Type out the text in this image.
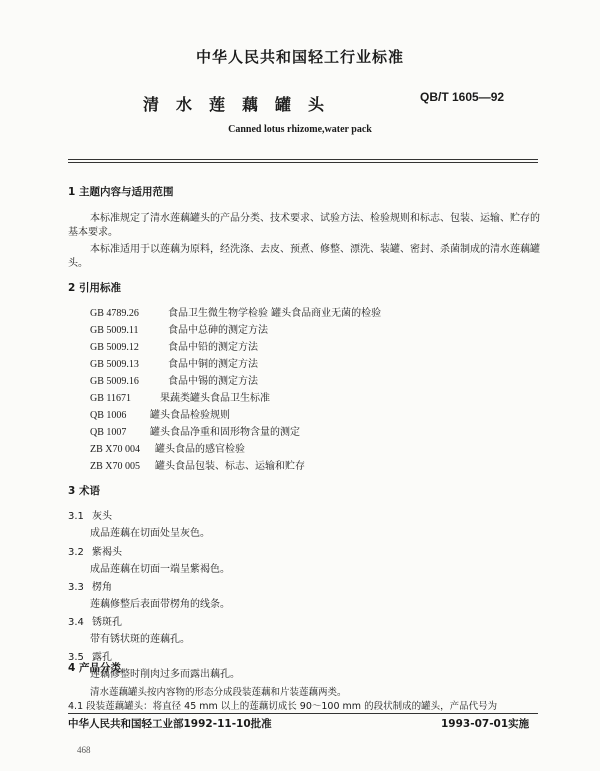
中华人民共和国轻工行业标准
清水莲藕罐头	QB/T 1605—92
Canned lotus rhizome,water pack
1 主题内容与适用范围
本标准规定了清水莲藕罐头的产品分类、技术要求、试验方法、检验规则和标志、包装、运输、贮存的
基本要求。
本标准适用于以莲藕为原料，经洗涤、去皮、预煮、修整、漂洗、装罐、密封、杀菌制成的清水莲藕罐
头。
2 引用标准
GB 4789.26	食品卫生微生物学检验 罐头食品商业无菌的检验
GB 5009.11	食品中总砷的测定方法
GB 5009.12	食品中铅的测定方法
GB 5009.13	食品中铜的测定方法
GB 5009.16	食品中锡的测定方法
GB 11671	果蔬类罐头食品卫生标准
QB 1006 罐头食品检验规则
QB 1007 罐头食品净重和固形物含量的测定
ZB X70 004 罐头食品的感官检验
ZB X70 005 罐头食品包装、标志、运输和贮存
3 术语
3.1 灰头
成品莲藕在切面处呈灰色。
3.2 紫褐头
成品莲藕在切面一端呈紫褐色。
3.3 楞角
莲藕修整后表面带楞角的线条。
3.4 锈斑孔
带有锈状斑的莲藕孔。
3.5 露孔
莲藕修整时削肉过多而露出藕孔。
4 产品分类
清水莲藕罐头按内容物的形态分成段装莲藕和片装莲藕两类。
中华人民共和国轻工业部1992-11-10批准	1993-07-01实施
468
4.1 段装莲藕罐头：将直径 45 mm 以上的莲藕切成长 90～100 mm 的段状制成的罐头，产品代号为
